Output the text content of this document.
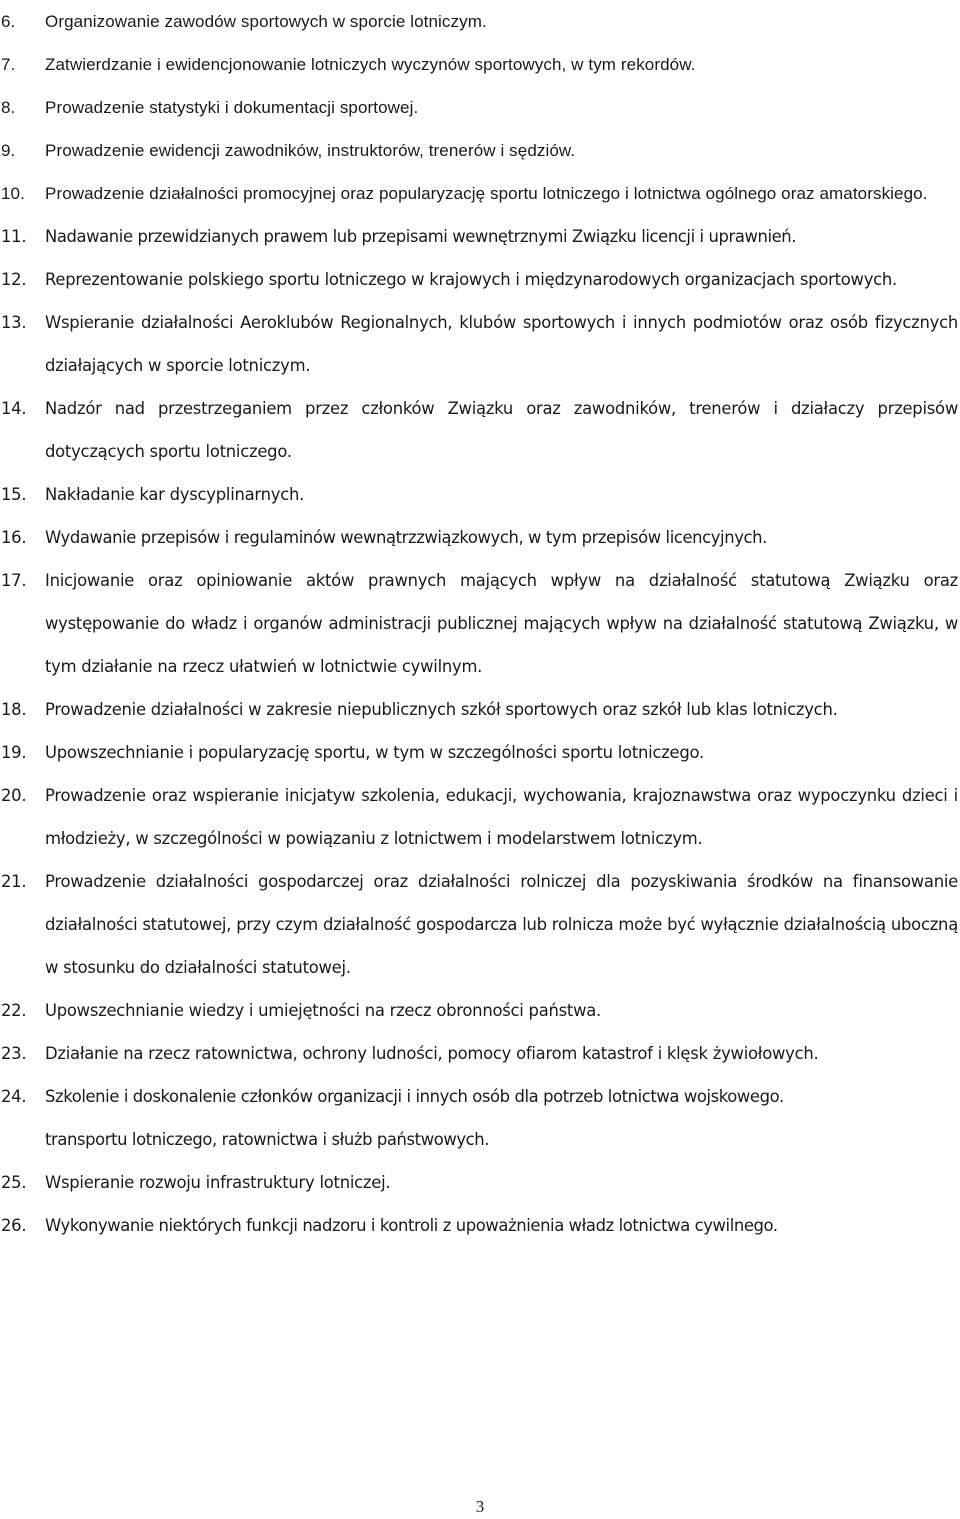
6.	Organizowanie zawodów sportowych w sporcie lotniczym.
7.	Zatwierdzanie i ewidencjonowanie lotniczych wyczynów sportowych, w tym rekordów.
8.	Prowadzenie statystyki i dokumentacji sportowej.
9.	Prowadzenie ewidencji zawodników, instruktorów, trenerów i sędziów.
10.	Prowadzenie działalności promocyjnej oraz popularyzację sportu lotniczego i lotnictwa ogólnego oraz amatorskiego.
11.	Nadawanie przewidzianych prawem lub przepisami wewnętrznymi Związku licencji i uprawnień.
12.	Reprezentowanie polskiego sportu lotniczego w krajowych i międzynarodowych organizacjach sportowych.
13.	Wspieranie działalności Aeroklubów Regionalnych, klubów sportowych i innych podmiotów oraz osób fizycznych działających w sporcie lotniczym.
14.	Nadzór nad przestrzeganiem przez członków Związku oraz zawodników, trenerów i działaczy przepisów dotyczących sportu lotniczego.
15.	Nakładanie kar dyscyplinarnych.
16.	Wydawanie przepisów i regulaminów wewnątrzzwiązkowych, w tym przepisów licencyjnych.
17.	Inicjowanie oraz opiniowanie aktów prawnych mających wpływ na działalność statutową Związku oraz występowanie do władz i organów administracji publicznej mających wpływ na działalność statutową Związku, w tym działanie na rzecz ułatwień w lotnictwie cywilnym.
18.	Prowadzenie działalności w zakresie niepublicznych szkół sportowych oraz szkół lub klas lotniczych.
19.	Upowszechnianie i popularyzację sportu, w tym w szczególności sportu lotniczego.
20.	Prowadzenie oraz wspieranie inicjatyw szkolenia, edukacji, wychowania, krajoznawstwa oraz wypoczynku dzieci i młodzieży, w szczególności w powiązaniu z lotnictwem i modelarstwem lotniczym.
21.	Prowadzenie działalności gospodarczej oraz działalności rolniczej dla pozyskiwania środków na finansowanie działalności statutowej, przy czym działalność gospodarcza lub rolnicza może być wyłącznie działalnością uboczną w stosunku do działalności statutowej.
22.	Upowszechnianie wiedzy i umiejętności na rzecz obronności państwa.
23.	Działanie na rzecz ratownictwa, ochrony ludności, pomocy ofiarom katastrof i klęsk żywiołowych.
24.	Szkolenie i doskonalenie członków organizacji i innych osób dla potrzeb lotnictwa wojskowego.
transportu lotniczego, ratownictwa i służb państwowych.
25.	Wspieranie rozwoju infrastruktury lotniczej.
26.	Wykonywanie niektórych funkcji nadzoru i kontroli z upoważnienia władz lotnictwa cywilnego.
3
